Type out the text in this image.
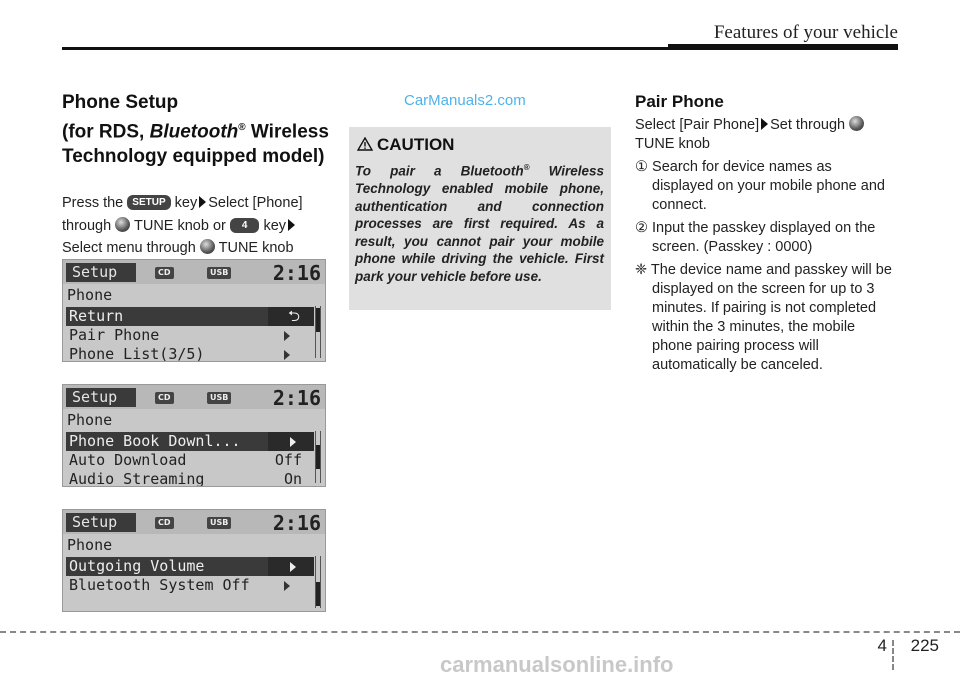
Features of your vehicle
Phone Setup
(for RDS, Bluetooth® Wireless
Technology equipped model)
Press the SETUP key Select [Phone]
through  TUNE knob or 4 key
Select menu through  TUNE knob
Setup	CD	USB 2:16
Phone
Return	⮌
Pair Phone
Phone List(3/5)
Setup	CD	USB 2:16
Phone
Phone Book Downl...
Auto Download	Off
Audio Streaming	On
Setup	CD	USB 2:16
Phone
Outgoing Volume
Bluetooth System Off
CarManuals2.com
CAUTION
To pair a Bluetooth® Wireless Technology enabled mobile phone, authentication and connection processes are first required. As a result, you cannot pair your mobile phone while driving the vehicle. First park your vehicle before use.
Pair Phone

Select [Pair Phone] Set through
TUNE knob

① Search for device names as displayed on your mobile phone and connect.

② Input the passkey displayed on the screen. (Passkey : 0000)

❈ The device name and passkey will be displayed on the screen for up to 3 minutes. If pairing is not completed within the 3 minutes, the mobile phone pairing process will automatically be canceled.

4 225
carmanualsonline.info
